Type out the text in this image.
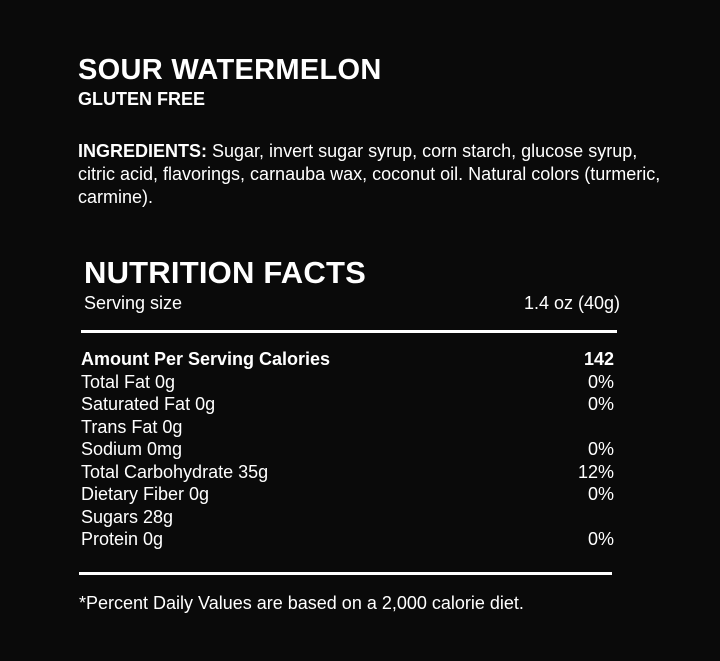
SOUR WATERMELON
GLUTEN FREE

INGREDIENTS: Sugar, invert sugar syrup, corn starch, glucose syrup, citric acid, flavorings, carnauba wax, coconut oil. Natural colors (turmeric, carmine).

NUTRITION FACTS
Serving size	1.4 oz (40g)
Amount Per Serving Calories	142
Total Fat 0g	0%
Saturated Fat 0g	0%
Trans Fat 0g
Sodium 0mg	0%
Total Carbohydrate 35g	12%
Dietary Fiber 0g	0%
Sugars 28g
Protein 0g	0%

*Percent Daily Values are based on a 2,000 calorie diet.
